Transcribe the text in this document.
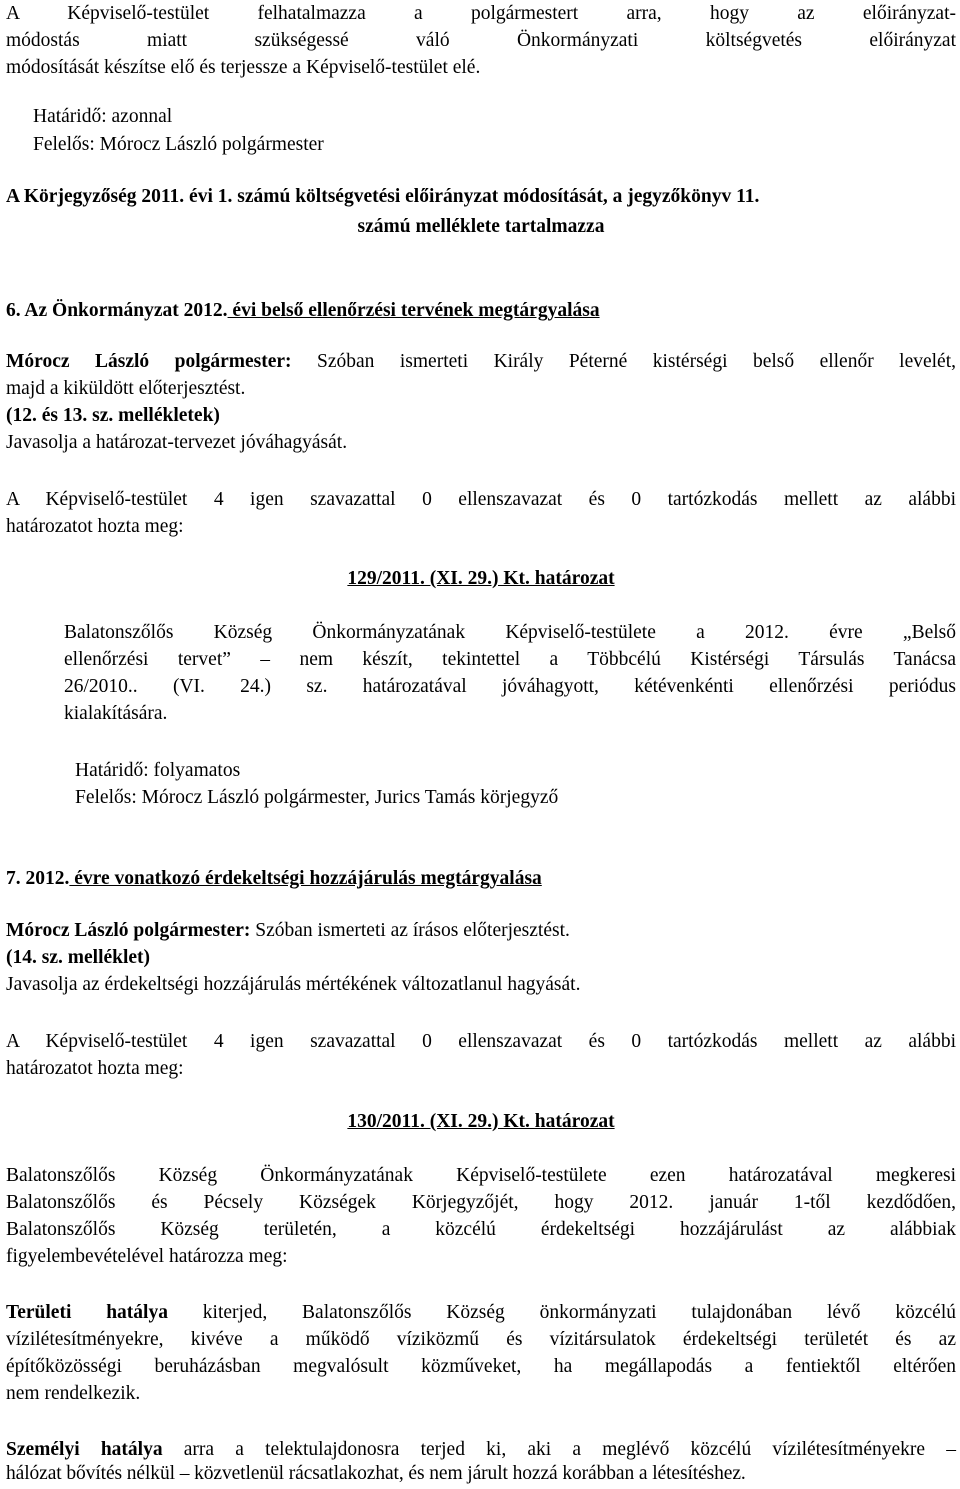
A Képviselő-testület felhatalmazza a polgármestert arra, hogy az előirányzat-

módostás miatt szükségessé váló Önkormányzati költségvetés előirányzat

módosítását készítse elő és terjessze a Képviselő-testület elé.

Határidő: azonnal

Felelős: Mórocz László polgármester

A Körjegyzőség 2011. évi 1. számú költségvetési előirányzat módosítását, a jegyzőkönyv 11.

számú melléklete tartalmazza

6. Az Önkormányzat 2012. évi belső ellenőrzési tervének megtárgyalása

Mórocz László polgármester: Szóban ismerteti Király Péterné kistérségi belső ellenőr levelét,

majd a kiküldött előterjesztést.

(12. és 13. sz. mellékletek)

Javasolja a határozat-tervezet jóváhagyását.

A Képviselő-testület 4 igen szavazattal 0 ellenszavazat és 0 tartózkodás mellett az alábbi

határozatot hozta meg:

129/2011. (XI. 29.) Kt. határozat

Balatonszőlős Község Önkormányzatának Képviselő-testülete a 2012. évre „Belső

ellenőrzési tervet” – nem készít, tekintettel a Többcélú Kistérségi Társulás Tanácsa

26/2010.. (VI. 24.) sz. határozatával jóváhagyott, kétévenkénti ellenőrzési periódus

kialakítására.

Határidő: folyamatos

Felelős: Mórocz László polgármester, Jurics Tamás körjegyző

7. 2012. évre vonatkozó érdekeltségi hozzájárulás megtárgyalása

Mórocz László polgármester: Szóban ismerteti az írásos előterjesztést.

(14. sz. melléklet)

Javasolja az érdekeltségi hozzájárulás mértékének változatlanul hagyását.

A Képviselő-testület 4 igen szavazattal 0 ellenszavazat és 0 tartózkodás mellett az alábbi

határozatot hozta meg:

130/2011. (XI. 29.) Kt. határozat

Balatonszőlős Község Önkormányzatának Képviselő-testülete ezen határozatával megkeresi

Balatonszőlős és Pécsely Községek Körjegyzőjét, hogy 2012. január 1-től kezdődően,

Balatonszőlős Község területén, a közcélú érdekeltségi hozzájárulást az alábbiak

figyelembevételével határozza meg:

Területi hatálya kiterjed, Balatonszőlős Község önkormányzati tulajdonában lévő közcélú

vízilétesítményekre, kivéve a működő víziközmű és vízitársulatok érdekeltségi területét és az

építőközösségi beruházásban megvalósult közműveket, ha megállapodás a fentiektől eltérően

nem rendelkezik.

Személyi hatálya arra a telektulajdonosra terjed ki, aki a meglévő közcélú vízilétesítményekre –

hálózat bővítés nélkül – közvetlenül rácsatlakozhat, és nem járult hozzá korábban a létesítéshez.
